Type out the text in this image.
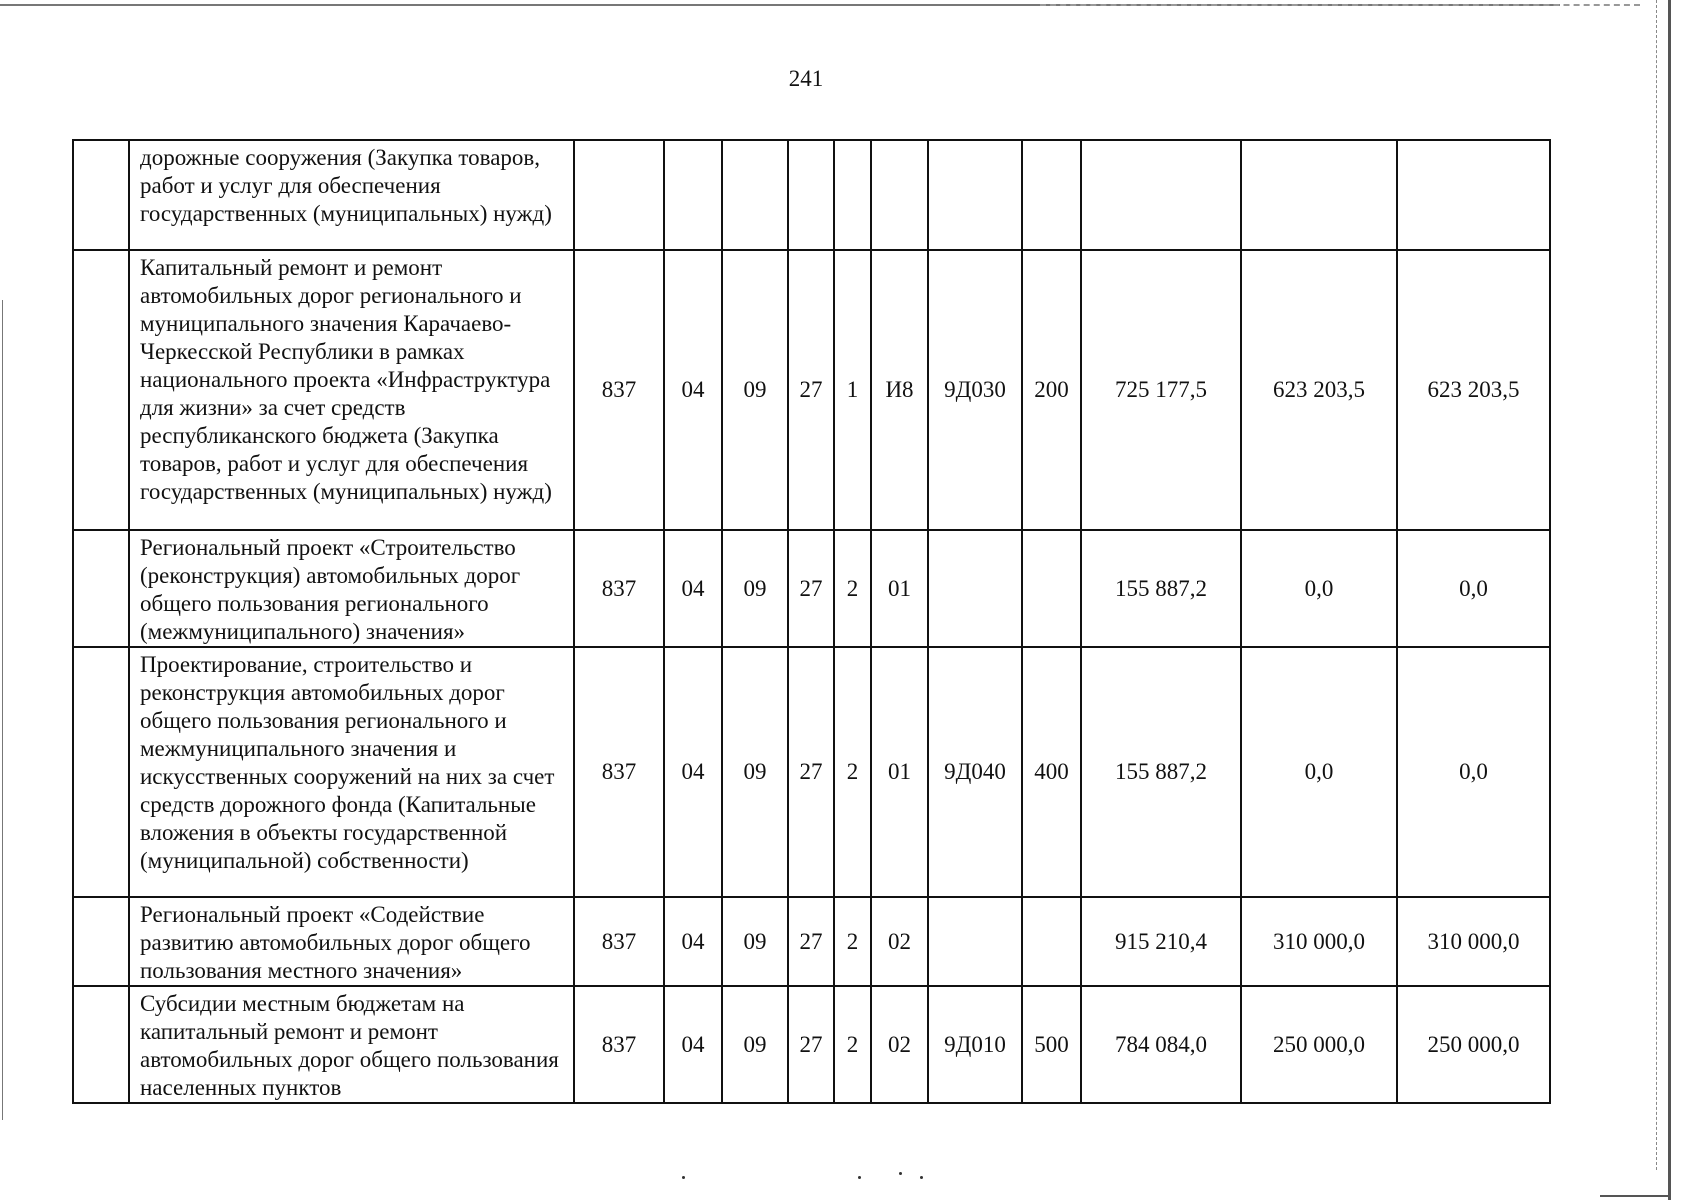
241
	дорожные сооружения (Закупка товаров, работ и услуг для обеспечения государственных (муниципальных) нужд)											
	Капитальный ремонт и ремонт автомобильных дорог регионального и муниципального значения Карачаево-Черкесской Республики в рамках национального проекта «Инфраструктура для жизни» за счет средств республиканского бюджета (Закупка товаров, работ и услуг для обеспечения государственных (муниципальных) нужд)	837	04	09	27	1	И8	9Д030	200	725 177,5	623 203,5	623 203,5
	Региональный проект «Строительство (реконструкция) автомобильных дорог общего пользования регионального (межмуниципального) значения»	837	04	09	27	2	01			155 887,2	0,0	0,0
	Проектирование, строительство и реконструкция автомобильных дорог общего пользования регионального и межмуниципального значения и искусственных сооружений на них за счет средств дорожного фонда (Капитальные вложения в объекты государственной (муниципальной) собственности)	837	04	09	27	2	01	9Д040	400	155 887,2	0,0	0,0
	Региональный проект «Содействие развитию автомобильных дорог общего пользования местного значения»	837	04	09	27	2	02			915 210,4	310 000,0	310 000,0
	Субсидии местным бюджетам на капитальный ремонт и ремонт автомобильных дорог общего пользования населенных пунктов	837	04	09	27	2	02	9Д010	500	784 084,0	250 000,0	250 000,0
